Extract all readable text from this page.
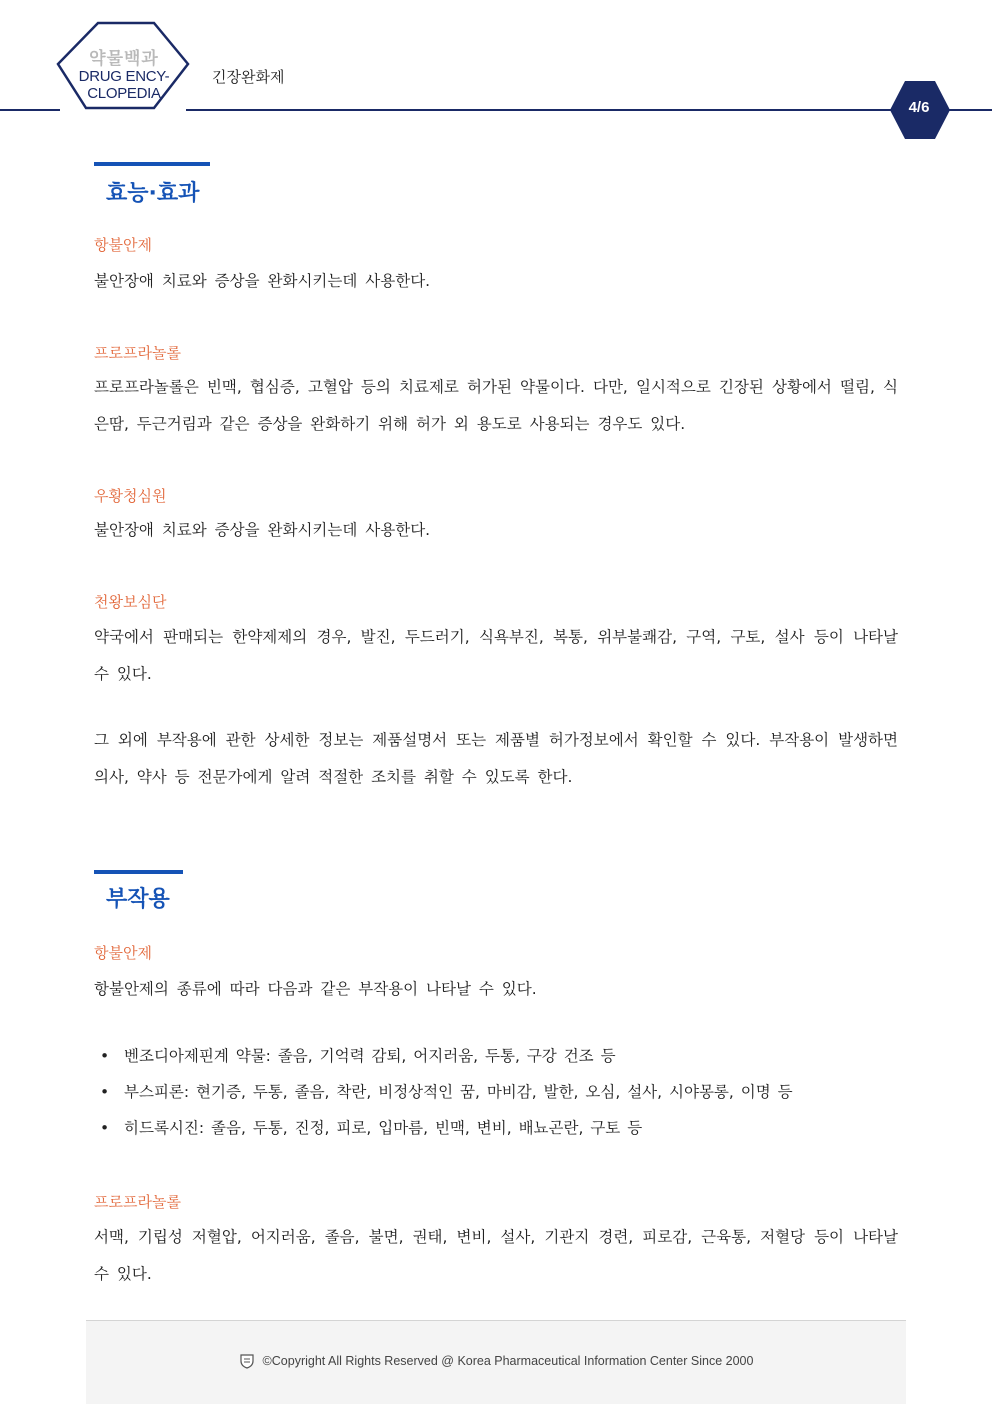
약물백과
DRUG ENCY-
CLOPEDIA
긴장완화제
4/6
효능·효과
항불안제
불안장애 치료와 증상을 완화시키는데 사용한다.
프로프라놀롤
프로프라놀롤은 빈맥, 협심증, 고혈압 등의 치료제로 허가된 약물이다. 다만, 일시적으로 긴장된 상황에서 떨림, 식은땀, 두근거림과 같은 증상을 완화하기 위해 허가 외 용도로 사용되는 경우도 있다.
우황청심원
불안장애 치료와 증상을 완화시키는데 사용한다.
천왕보심단
약국에서 판매되는 한약제제의 경우, 발진, 두드러기, 식욕부진, 복통, 위부불쾌감, 구역, 구토, 설사 등이 나타날 수 있다.
그 외에 부작용에 관한 상세한 정보는 제품설명서 또는 제품별 허가정보에서 확인할 수 있다. 부작용이 발생하면 의사, 약사 등 전문가에게 알려 적절한 조치를 취할 수 있도록 한다.
부작용
항불안제
항불안제의 종류에 따라 다음과 같은 부작용이 나타날 수 있다.
• 벤조디아제핀계 약물: 졸음, 기억력 감퇴, 어지러움, 두통, 구강 건조 등
• 부스피론: 현기증, 두통, 졸음, 착란, 비정상적인 꿈, 마비감, 발한, 오심, 설사, 시야몽롱, 이명 등
• 히드록시진: 졸음, 두통, 진정, 피로, 입마름, 빈맥, 변비, 배뇨곤란, 구토 등
프로프라놀롤
서맥, 기립성 저혈압, 어지러움, 졸음, 불면, 권태, 변비, 설사, 기관지 경련, 피로감, 근육통, 저혈당 등이 나타날 수 있다.
©Copyright All Rights Reserved @ Korea Pharmaceutical Information Center Since 2000
